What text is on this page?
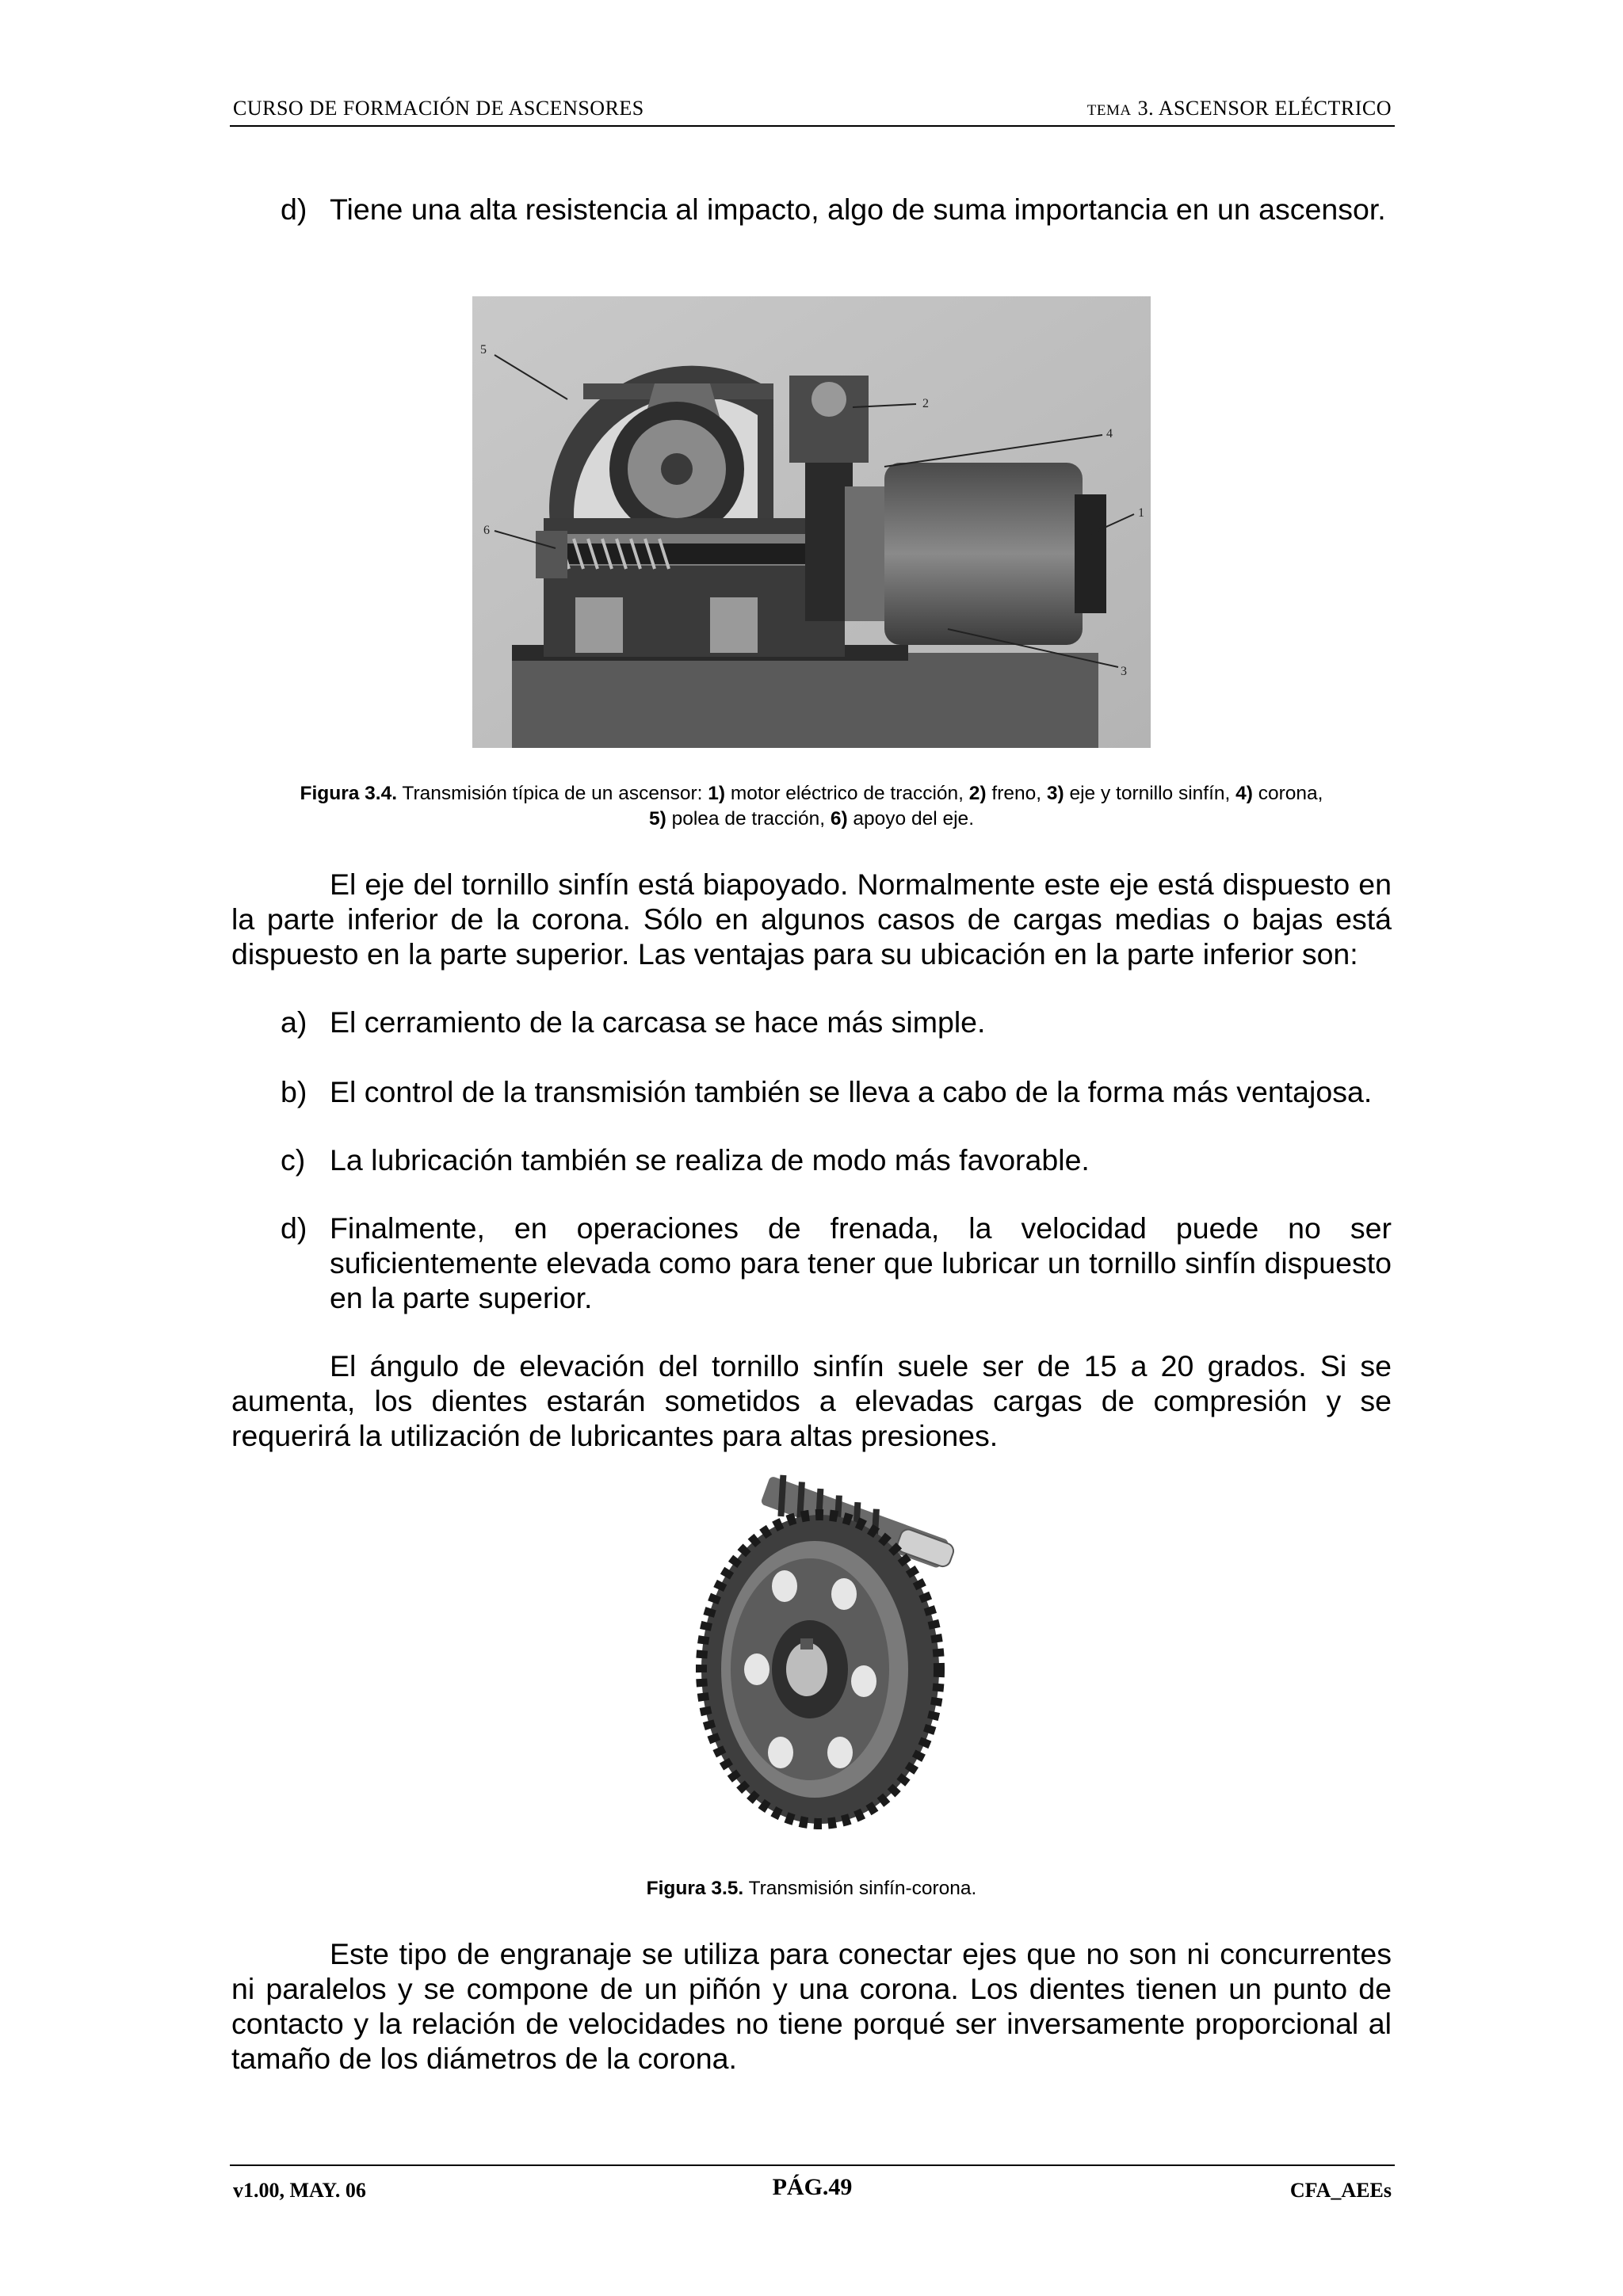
CURSO DE FORMACIÓN DE ASCENSORES	TEMA 3. ASCENSOR ELÉCTRICO
d) Tiene una alta resistencia al impacto, algo de suma importancia en un ascensor.
5
2
4
6
1
3
Figura 3.4. Transmisión típica de un ascensor: 1) motor eléctrico de tracción, 2) freno, 3) eje y tornillo sinfín, 4) corona,
5) polea de tracción, 6) apoyo del eje.
El eje del tornillo sinfín está biapoyado. Normalmente este eje está dispuesto en la parte inferior de la corona. Sólo en algunos casos de cargas medias o bajas está dispuesto en la parte superior. Las ventajas para su ubicación en la parte inferior son:
a) El cerramiento de la carcasa se hace más simple.
b) El control de la transmisión también se lleva a cabo de la forma más ventajosa.
c) La lubricación también se realiza de modo más favorable.
d) Finalmente, en operaciones de frenada, la velocidad puede no ser suficientemente elevada como para tener que lubricar un tornillo sinfín dispuesto en la parte superior.
El ángulo de elevación del tornillo sinfín suele ser de 15 a 20 grados. Si se aumenta, los dientes estarán sometidos a elevadas cargas de compresión y se requerirá la utilización de lubricantes para altas presiones.
Figura 3.5. Transmisión sinfín-corona.
Este tipo de engranaje se utiliza para conectar ejes que no son ni concurrentes ni paralelos y se compone de un piñón y una corona. Los dientes tienen un punto de contacto y la relación de velocidades no tiene porqué ser inversamente proporcional al tamaño de los diámetros de la corona.
v1.00, MAY. 06	PÁG.49	CFA_AEEs
